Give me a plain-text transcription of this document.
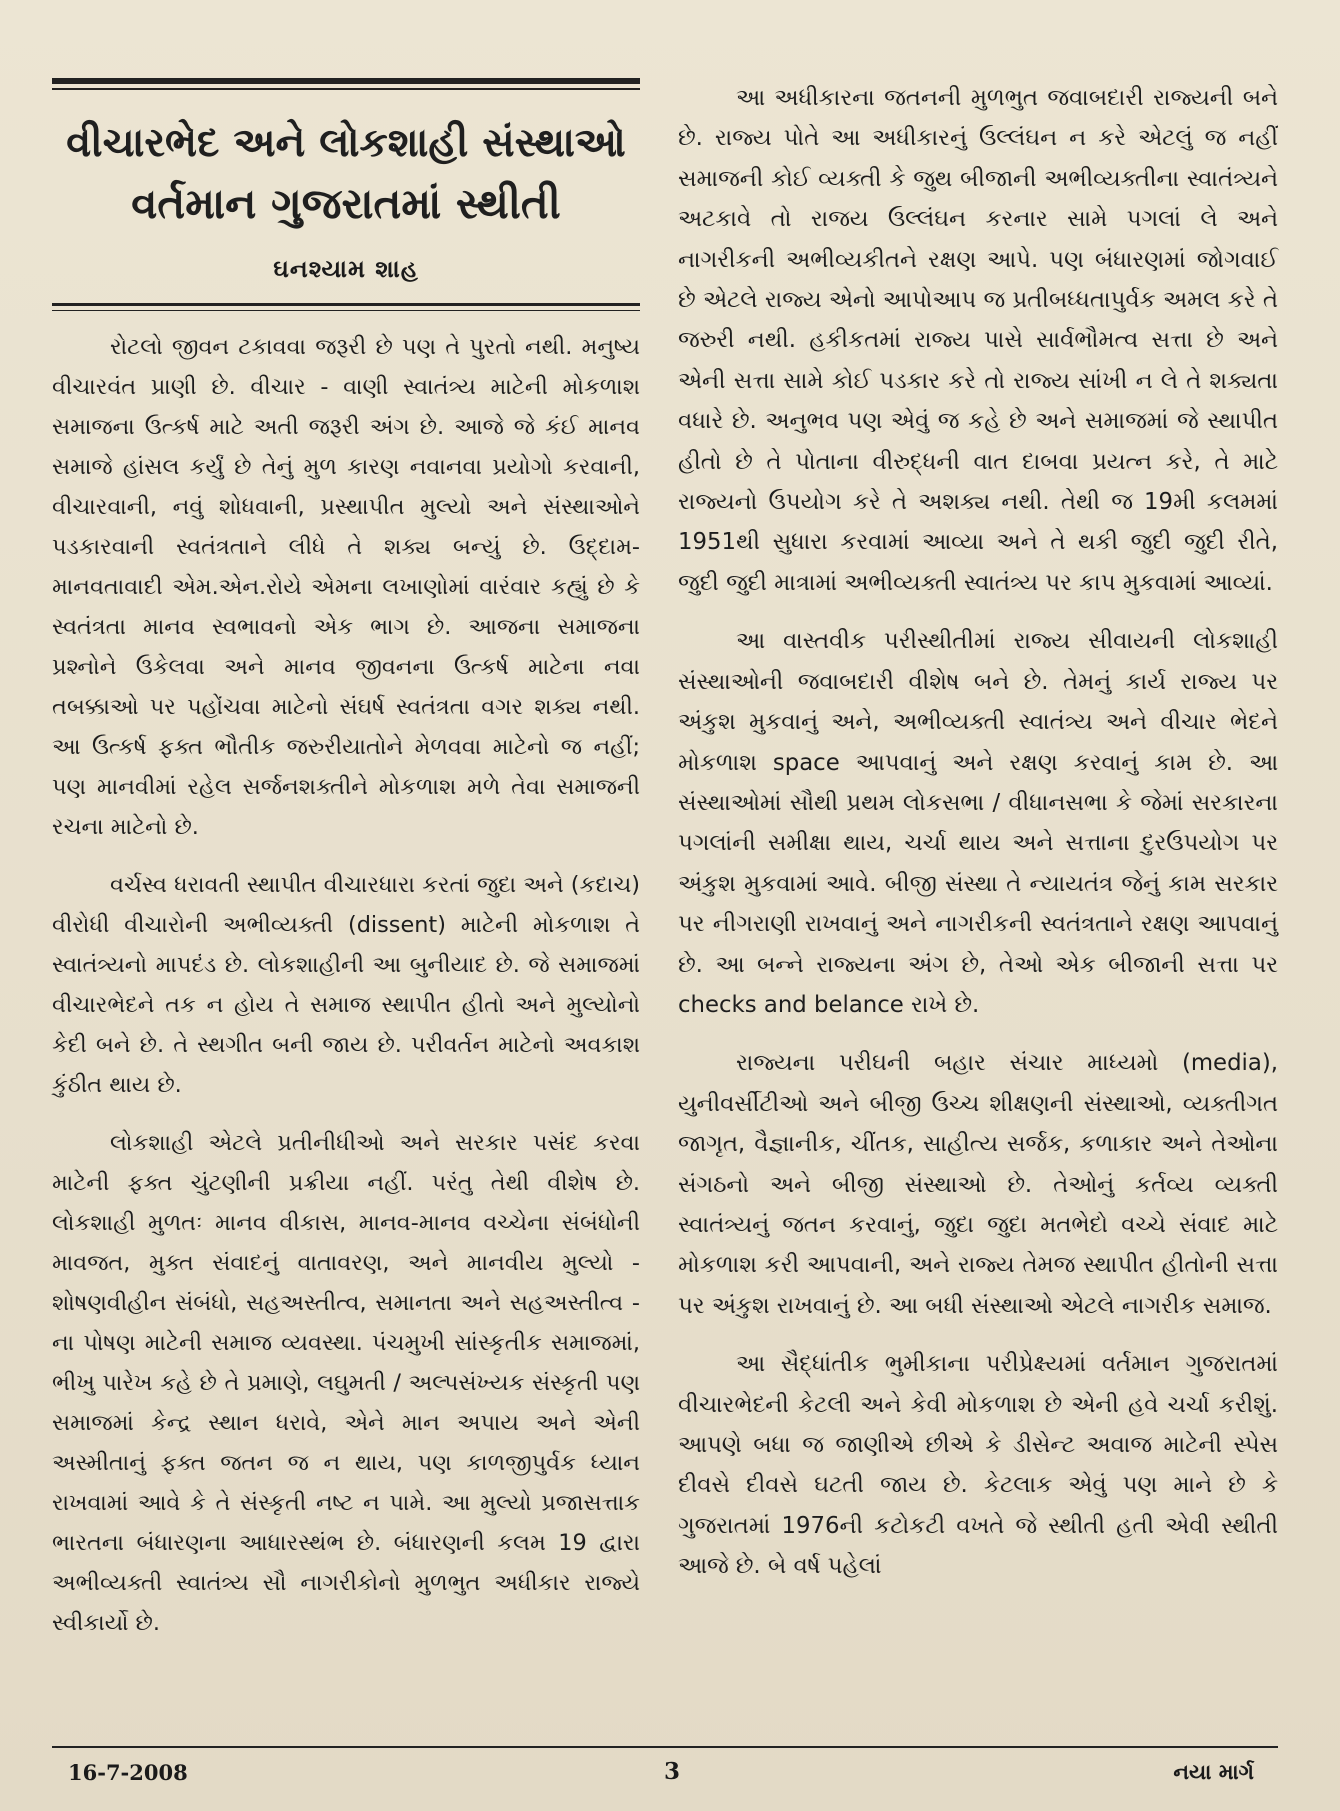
વીચારભેદ અને લોકશાહી સંસ્થાઓ
વર્તમાન ગુજરાતમાં સ્થીતી
ઘનશ્યામ શાહ

રોટલો જીવન ટકાવવા જરૂરી છે પણ તે પુરતો નથી. મનુષ્ય વીચારવંત પ્રાણી છે. વીચાર - વાણી સ્વાતંત્ર્ય માટેની મોકળાશ સમાજના ઉત્કર્ષ માટે અતી જરૂરી અંગ છે. આજે જે કંઈ માનવ સમાજે હાંસલ કર્યું છે તેનું મુળ કારણ નવાનવા પ્રયોગો કરવાની, વીચારવાની, નવું શોધવાની, પ્રસ્થાપીત મુલ્યો અને સંસ્થાઓને પડકારવાની સ્વતંત્રતાને લીધે તે શક્ય બન્યું છે. ઉદ્દામ-માનવતાવાદી એમ.એન.રોયે એમના લખાણોમાં વારંવાર કહ્યું છે કે સ્વતંત્રતા માનવ સ્વભાવનો એક ભાગ છે. આજના સમાજના પ્રશ્નોને ઉકેલવા અને માનવ જીવનના ઉત્કર્ષ માટેના નવા તબક્કાઓ પર પહોંચવા માટેનો સંઘર્ષ સ્વતંત્રતા વગર શક્ય નથી. આ ઉત્કર્ષ ફક્ત ભૌતીક જરુરીયાતોને મેળવવા માટેનો જ નહીં; પણ માનવીમાં રહેલ સર્જનશક્તીને મોકળાશ મળે તેવા સમાજની રચના માટેનો છે.

વર્ચસ્વ ધરાવતી સ્થાપીત વીચારધારા કરતાં જુદા અને (કદાચ) વીરોધી વીચારોની અભીવ્યક્તી (dissent) માટેની મોકળાશ તે સ્વાતંત્ર્યનો માપદંડ છે. લોકશાહીની આ બુનીયાદ છે. જે સમાજમાં વીચારભેદને તક ન હોય તે સમાજ સ્થાપીત હીતો અને મુલ્યોનો કેદી બને છે. તે સ્થગીત બની જાય છે. પરીવર્તન માટેનો અવકાશ કુંઠીત થાય છે.

લોકશાહી એટલે પ્રતીનીધીઓ અને સરકાર પસંદ કરવા માટેની ફક્ત ચુંટણીની પ્રક્રીયા નહીં. પરંતુ તેથી વીશેષ છે. લોકશાહી મુળતઃ માનવ વીકાસ, માનવ-માનવ વચ્ચેના સંબંધોની માવજત, મુક્ત સંવાદનું વાતાવરણ, અને માનવીય મુલ્યો - શોષણવીહીન સંબંધો, સહઅસ્તીત્વ, સમાનતા અને સહઅસ્તીત્વ - ના પોષણ માટેની સમાજ વ્યવસ્થા. પંચમુખી સાંસ્કૃતીક સમાજમાં, ભીખુ પારેખ કહે છે તે પ્રમાણે, લઘુમતી / અલ્પસંખ્યક સંસ્કૃતી પણ સમાજમાં કેન્દ્ર સ્થાન ધરાવે, એને માન અપાય અને એની અસ્મીતાનું ફક્ત જતન જ ન થાય, પણ કાળજીપુર્વક ધ્યાન રાખવામાં આવે કે તે સંસ્કૃતી નષ્ટ ન પામે. આ મુલ્યો પ્રજાસત્તાક ભારતના બંધારણના આધારસ્થંભ છે. બંધારણની કલમ 19 દ્વારા અભીવ્યક્તી સ્વાતંત્ર્ય સૌ નાગરીકોનો મુળભુત અધીકાર રાજ્યે સ્વીકાર્યો છે.

આ અધીકારના જતનની મુળભુત જવાબદારી રાજ્યની બને છે. રાજ્ય પોતે આ અધીકારનું ઉલ્લંઘન ન કરે એટલું જ નહીં સમાજની કોઈ વ્યક્તી કે જુથ બીજાની અભીવ્યક્તીના સ્વાતંત્ર્યને અટકાવે તો રાજય ઉલ્લંઘન કરનાર સામે પગલાં લે અને નાગરીકની અભીવ્યકીતને રક્ષણ આપે. પણ બંધારણમાં જોગવાઈ છે એટલે રાજ્ય એનો આપોઆપ જ પ્રતીબધ્ધતાપુર્વક અમલ કરે તે જરુરી નથી. હકીકતમાં રાજ્ય પાસે સાર્વભૌમત્વ સત્તા છે અને એની સત્તા સામે કોઈ પડકાર કરે તો રાજ્ય સાંખી ન લે તે શક્યતા વધારે છે. અનુભવ પણ એવું જ કહે છે અને સમાજમાં જે સ્થાપીત હીતો છે તે પોતાના વીરુદ્ધની વાત દાબવા પ્રયત્ન કરે, તે માટે રાજ્યનો ઉપયોગ કરે તે અશક્ય નથી. તેથી જ 19મી કલમમાં 1951થી સુધારા કરવામાં આવ્યા અને તે થકી જુદી જુદી રીતે, જુદી જુદી માત્રામાં અભીવ્યક્તી સ્વાતંત્ર્ય પર કાપ મુકવામાં આવ્યાં.

આ વાસ્તવીક પરીસ્થીતીમાં રાજ્ય સીવાયની લોકશાહી સંસ્થાઓની જવાબદારી વીશેષ બને છે. તેમનું કાર્ય રાજ્ય પર અંકુશ મુકવાનું અને, અભીવ્યક્તી સ્વાતંત્ર્ય અને વીચાર ભેદને મોકળાશ space આપવાનું અને રક્ષણ કરવાનું કામ છે. આ સંસ્થાઓમાં સૌથી પ્રથમ લોકસભા / વીધાનસભા કે જેમાં સરકારના પગલાંની સમીક્ષા થાય, ચર્ચા થાય અને સત્તાના દુરઉપયોગ પર અંકુશ મુકવામાં આવે. બીજી સંસ્થા તે ન્યાયતંત્ર જેનું કામ સરકાર પર નીગરાણી રાખવાનું અને નાગરીકની સ્વતંત્રતાને રક્ષણ આપવાનું છે. આ બન્ને રાજ્યના અંગ છે, તેઓ એક બીજાની સત્તા પર checks and belance રાખે છે.

રાજ્યના પરીઘની બહાર સંચાર માધ્યમો (media), યુનીવર્સીટીઓ અને બીજી ઉચ્ચ શીક્ષણની સંસ્થાઓ, વ્યક્તીગત જાગૃત, વૈજ્ઞાનીક, ચીંતક, સાહીત્ય સર્જક, કળાકાર અને તેઓના સંગઠનો અને બીજી સંસ્થાઓ છે. તેઓનું કર્તવ્ય વ્યક્તી સ્વાતંત્ર્યનું જતન કરવાનું, જુદા જુદા મતભેદો વચ્ચે સંવાદ માટે મોકળાશ કરી આપવાની, અને રાજ્ય તેમજ સ્થાપીત હીતોની સત્તા પર અંકુશ રાખવાનું છે. આ બધી સંસ્થાઓ એટલે નાગરીક સમાજ.

આ સૈદ્ધાંતીક ભુમીકાના પરીપ્રેક્ષ્યમાં વર્તમાન ગુજરાતમાં વીચારભેદની કેટલી અને કેવી મોકળાશ છે એની હવે ચર્ચા કરીશું. આપણે બધા જ જાણીએ છીએ કે ડીસેન્ટ અવાજ માટેની સ્પેસ દીવસે દીવસે ઘટતી જાય છે. કેટલાક એવું પણ માને છે કે ગુજરાતમાં 1976ની કટોકટી વખતે જે સ્થીતી હતી એવી સ્થીતી આજે છે. બે વર્ષ પહેલાં

16-7-2008	3	નયા માર્ગ
